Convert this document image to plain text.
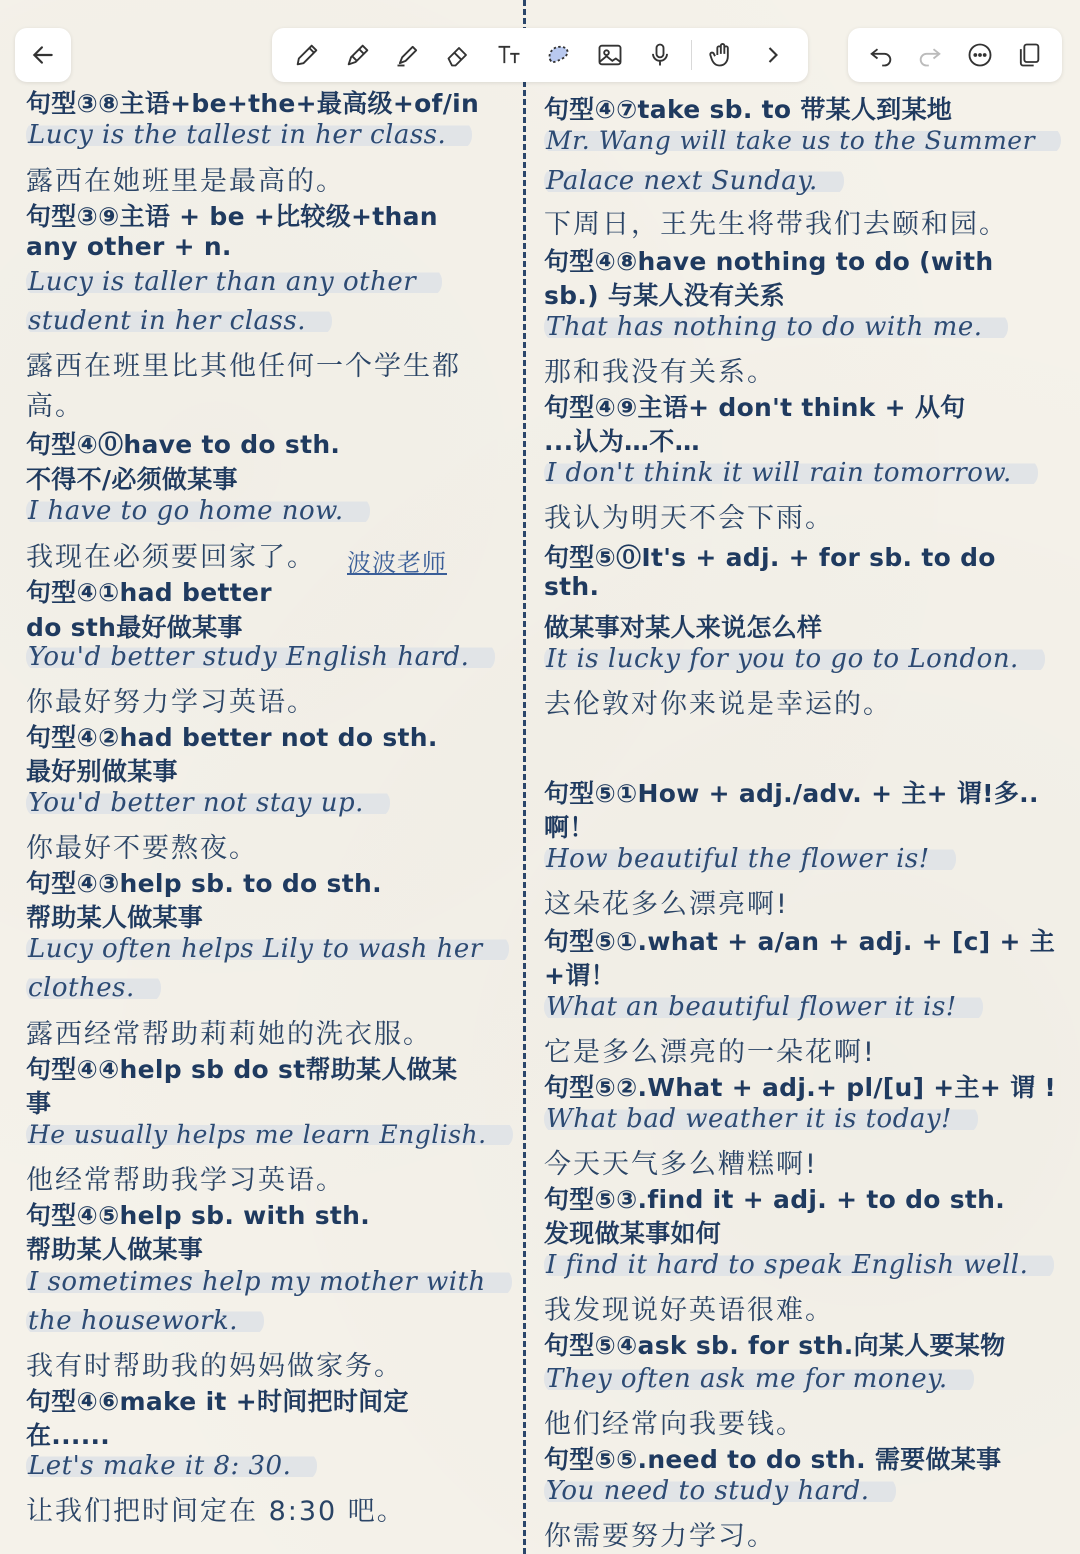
句型③⑧主语+be+the+最高级+of/in
Lucy is the tallest in her class.
露西在她班里是最高的。
句型③⑨主语 + be +比较级+than
any other + n.
Lucy is taller than any other
student in her class.
露西在班里比其他任何一个学生都
高。
句型④⓪have to do sth.
不得不/必须做某事
I have to go home now.
我现在必须要回家了。
句型④①had better
do sth最好做某事
You'd better study English hard.
你最好努力学习英语。
句型④②had better not do sth.
最好别做某事
You'd better not stay up.
你最好不要熬夜。
句型④③help sb. to do sth.
帮助某人做某事
Lucy often helps Lily to wash her
clothes.
露西经常帮助莉莉她的洗衣服。
句型④④help sb do st帮助某人做某
事
He usually helps me learn English.
他经常帮助我学习英语。
句型④⑤help sb. with sth.
帮助某人做某事
I sometimes help my mother with
the housework.
我有时帮助我的妈妈做家务。
句型④⑥make it +时间把时间定
在......
Let's make it 8: 30.
让我们把时间定在 8:30 吧。
句型④⑦take sb. to 带某人到某地
Mr. Wang will take us to the Summer
Palace next Sunday.
下周日，王先生将带我们去颐和园。
句型④⑧have nothing to do (with
sb.) 与某人没有关系
That has nothing to do with me.
那和我没有关系。
句型④⑨主语+ don't think + 从句
...认为…不…
I don't think it will rain tomorrow.
我认为明天不会下雨。
句型⑤⓪It's + adj. + for sb. to do
sth.
做某事对某人来说怎么样
It is lucky for you to go to London.
去伦敦对你来说是幸运的。
句型⑤①How + adj./adv. + 主+ 谓!多..
啊！
How beautiful the flower is!
这朵花多么漂亮啊!
句型⑤①.what + a/an + adj. + [c] + 主
+谓！
What an beautiful flower it is!
它是多么漂亮的一朵花啊!
句型⑤②.What + adj.+ pl/[u] +主+ 谓 !
What bad weather it is today!
今天天气多么糟糕啊!
句型⑤③.find it + adj. + to do sth.
发现做某事如何
I find it hard to speak English well.
我发现说好英语很难。
句型⑤④ask sb. for sth.向某人要某物
They often ask me for money.
他们经常向我要钱。
句型⑤⑤.need to do sth. 需要做某事
You need to study hard.
你需要努力学习。
波波老师
